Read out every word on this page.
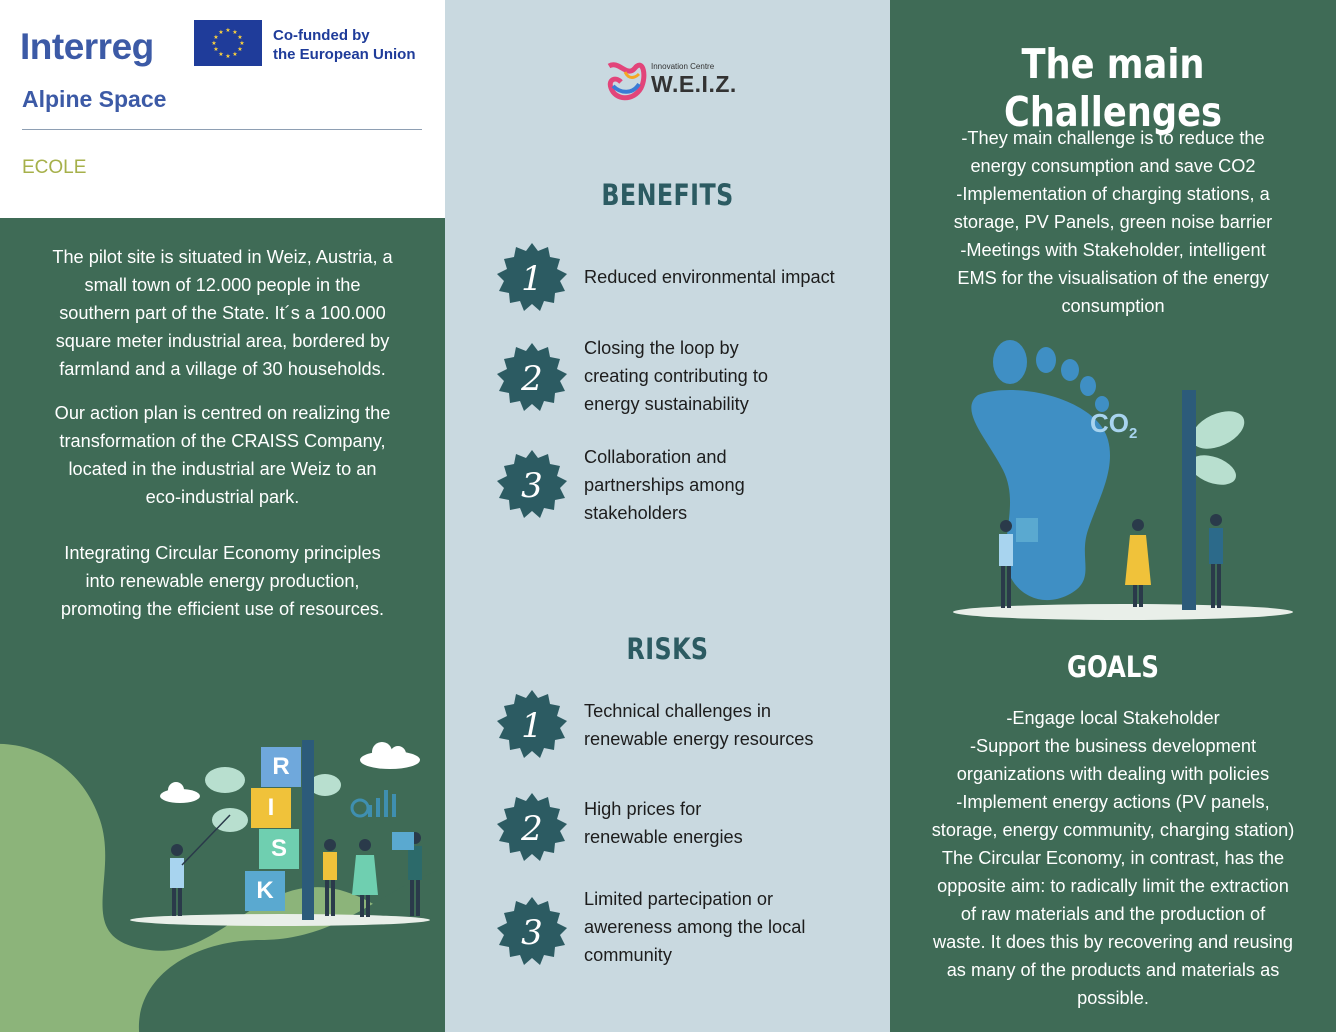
Interreg	★ ★
★
★
★
★
★
★
★
★
★
★	Co-funded by
the European Union
Alpine Space
ECOLE

The pilot site is situated in Weiz, Austria, a
small town of 12.000 people in the
southern part of the State. It´s a 100.000
square meter industrial area, bordered by
farmland and a village of 30 households.

Our action plan is centred on realizing the
transformation of the CRAISS Company,
located in the industrial are Weiz to an
eco-industrial park.

Integrating Circular Economy principles
into renewable energy production,
promoting the efficient use of resources.

R
I
S
K
Innovation Centre
W.E.I.Z.
BENEFITS
1 Reduced environmental impact

2

Closing the loop by
creating contributing to
energy sustainability

3

Collaboration and
partnerships among
stakeholders

RISKS
1 Technical challenges in
renewable energy resources

2 High prices for
renewable energies

3

Limited partecipation or
awereness among the local
community

The main Challenges

-They main challenge is to reduce the
energy consumption and save CO2
-Implementation of charging stations, a
storage, PV Panels, green noise barrier
-Meetings with Stakeholder, intelligent
EMS for the visualisation of the energy
consumption

$CO_2$
GOALS

-Engage local Stakeholder
-Support the business development
organizations with dealing with policies
-Implement energy actions (PV panels,
storage, energy community, charging station)
The Circular Economy, in contrast, has the
opposite aim: to radically limit the extraction
of raw materials and the production of
waste. It does this by recovering and reusing
as many of the products and materials as
possible.
